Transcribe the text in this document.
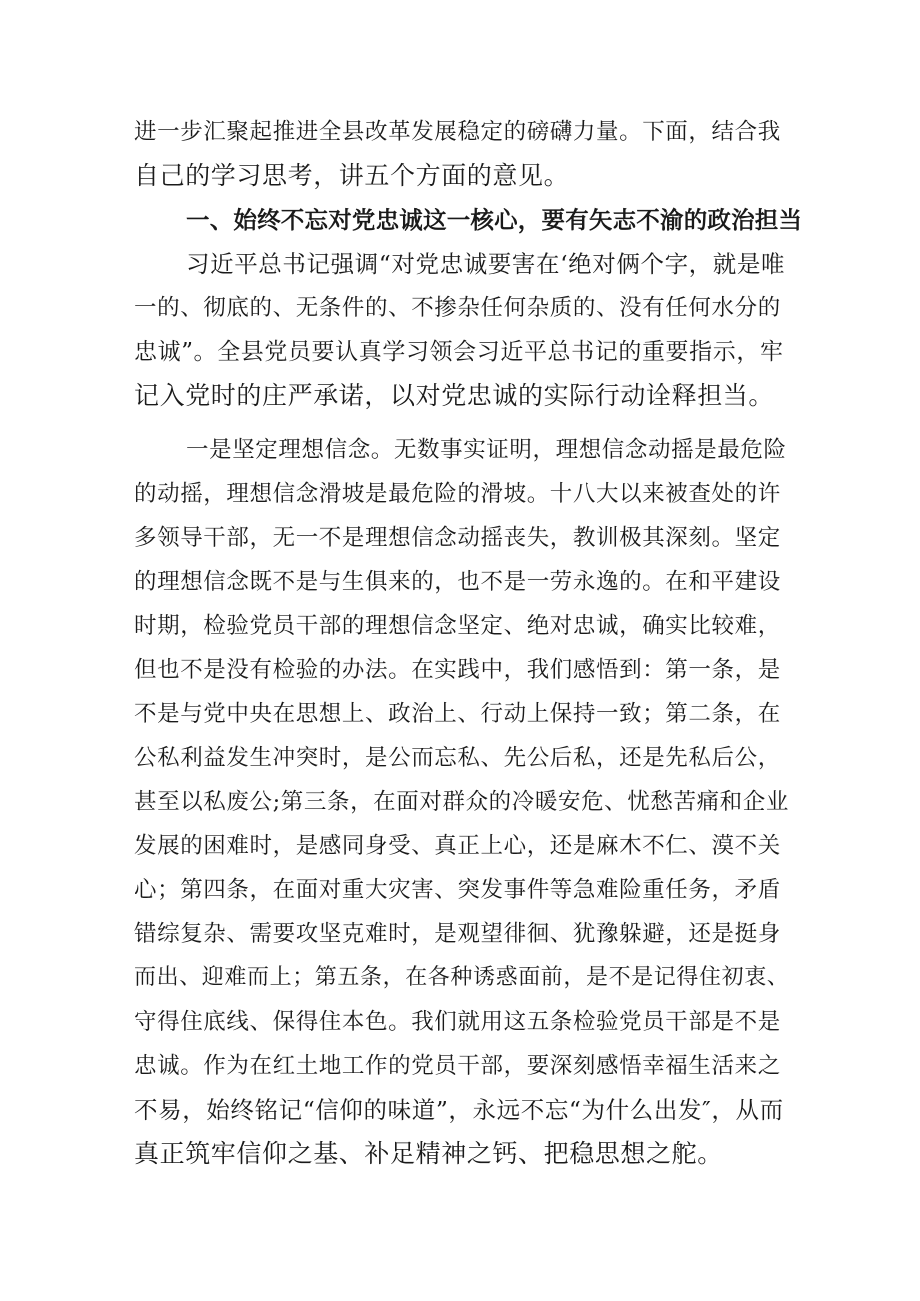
进一步汇聚起推进全县改革发展稳定的磅礴力量。下面，结合我
自己的学习思考，讲五个方面的意见。
一、始终不忘对党忠诚这一核心，要有矢志不渝的政治担当
习近平总书记强调“对党忠诚要害在‘绝对俩个字，就是唯
一的、彻底的、无条件的、不掺杂任何杂质的、没有任何水分的
忠诚”。全县党员要认真学习领会习近平总书记的重要指示，牢
记入党时的庄严承诺，以对党忠诚的实际行动诠释担当。
一是坚定理想信念。无数事实证明，理想信念动摇是最危险
的动摇，理想信念滑坡是最危险的滑坡。十八大以来被查处的许
多领导干部，无一不是理想信念动摇丧失，教训极其深刻。坚定
的理想信念既不是与生俱来的，也不是一劳永逸的。在和平建设
时期，检验党员干部的理想信念坚定、绝对忠诚，确实比较难，
但也不是没有检验的办法。在实践中，我们感悟到：第一条，是
不是与党中央在思想上、政治上、行动上保持一致；第二条，在
公私利益发生冲突时，是公而忘私、先公后私，还是先私后公，
甚至以私废公;第三条，在面对群众的冷暖安危、忧愁苦痛和企业
发展的困难时，是感同身受、真正上心，还是麻木不仁、漠不关
心；第四条，在面对重大灾害、突发事件等急难险重任务，矛盾
错综复杂、需要攻坚克难时，是观望徘徊、犹豫躲避，还是挺身
而出、迎难而上；第五条，在各种诱惑面前，是不是记得住初衷、
守得住底线、保得住本色。我们就用这五条检验党员干部是不是
忠诚。作为在红土地工作的党员干部，要深刻感悟幸福生活来之
不易，始终铭记“信仰的味道”，永远不忘“为什么出发″，从而
真正筑牢信仰之基、补足精神之钙、把稳思想之舵。
